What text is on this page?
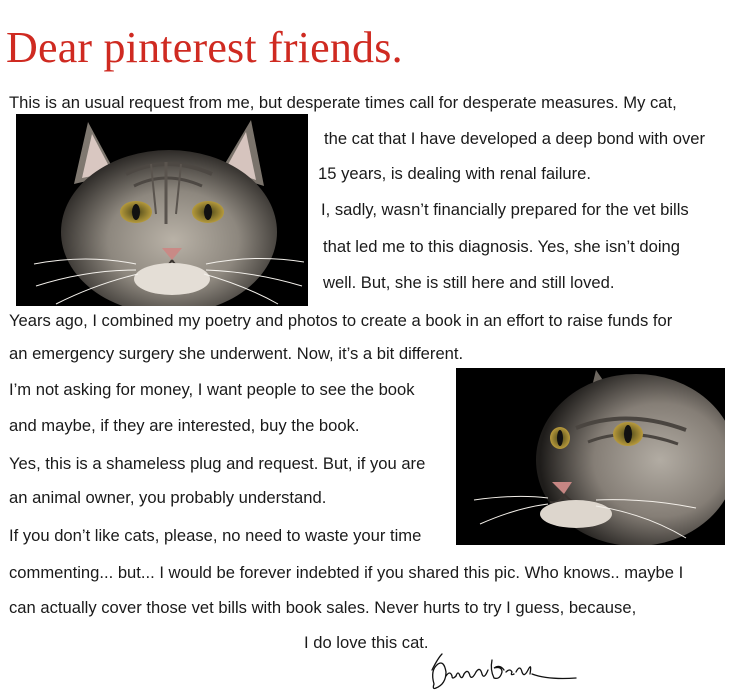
Dear pinterest friends.
This is an usual request from me, but desperate times call for desperate measures. My cat,
the cat that I have developed a deep bond with over
15 years, is dealing with renal failure.
I, sadly, wasn’t financially prepared for the vet bills
that led me to this diagnosis. Yes, she isn’t doing
well. But, she is still here and still loved.
Years ago, I combined my poetry and photos to create a book in an effort to raise funds for
an emergency surgery she underwent. Now, it’s a bit different.
I’m not asking for money, I want people to see the book
and maybe, if they are interested, buy the book.
Yes, this is a shameless plug and request. But, if you are
an animal owner, you probably understand.
If you don’t like cats, please, no need to waste your time
commenting... but... I would be forever indebted if you shared this pic. Who knows.. maybe I
can actually cover those vet bills with book sales. Never hurts to try I guess, because,
I do love this cat.
